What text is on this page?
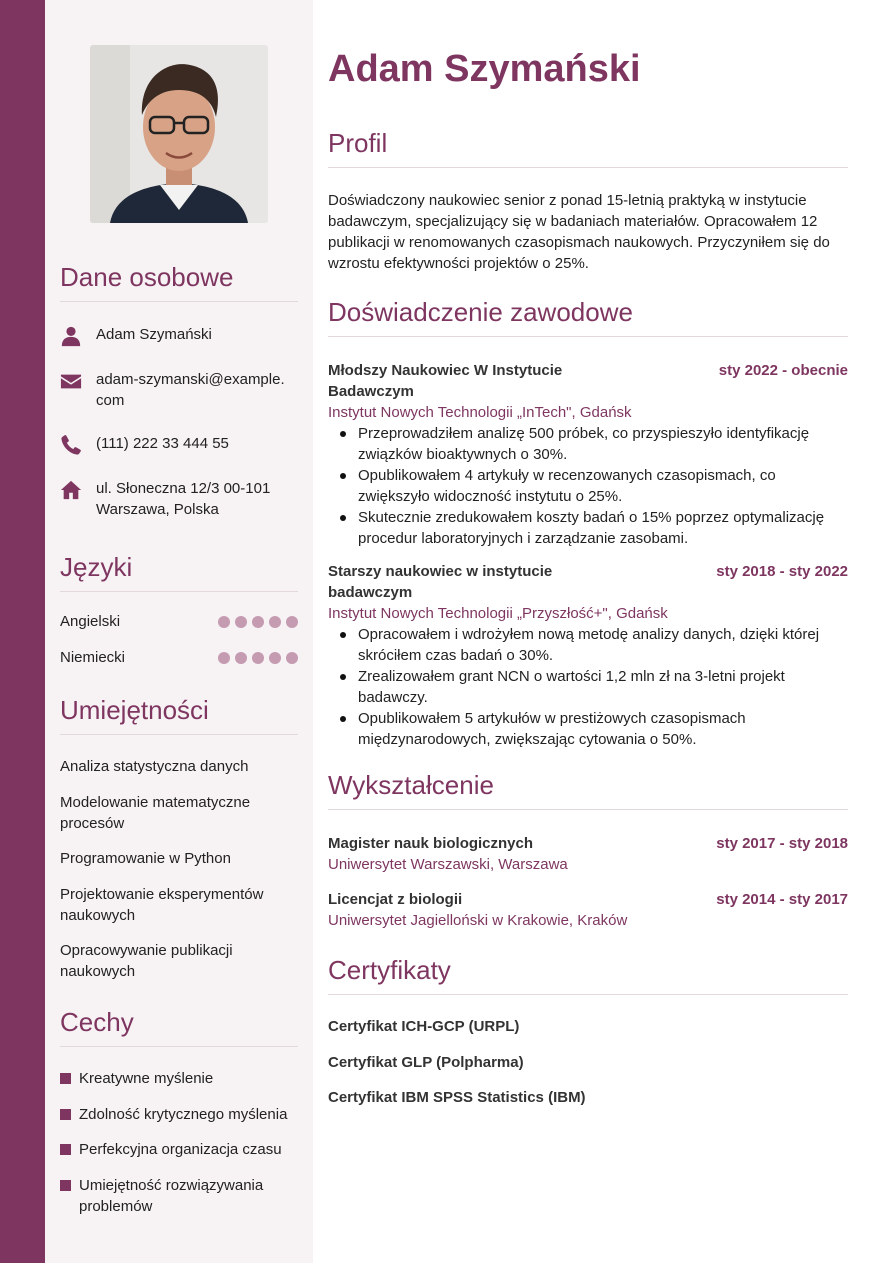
Dane osobowe
Adam Szymański
adam-szymanski@example.
com
(111) 222 33 444 55
ul. Słoneczna 12/3 00-101
Warszawa, Polska
Języki
Angielski
Niemiecki
Umiejętności
Analiza statystyczna danych
Modelowanie matematyczne
procesów
Programowanie w Python
Projektowanie eksperymentów
naukowych
Opracowywanie publikacji
naukowych
Cechy
Kreatywne myślenie
Zdolność krytycznego myślenia
Perfekcyjna organizacja czasu
Umiejętność rozwiązywania
problemów
Adam Szymański
Profil

Doświadczony naukowiec senior z ponad 15-letnią praktyką w instytucie badawczym, specjalizujący się w badaniach materiałów. Opracowałem 12 publikacji w renomowanych czasopismach naukowych. Przyczyniłem się do wzrostu efektywności projektów o 25%.

Doświadczenie zawodowe
Młodszy Naukowiec W Instytucie Badawczym
sty 2022 - obecnie
Instytut Nowych Technologii „InTech", Gdańsk
Przeprowadziłem analizę 500 próbek, co przyspieszyło identyfikację związków bioaktywnych o 30%.
Opublikowałem 4 artykuły w recenzowanych czasopismach, co zwiększyło widoczność instytutu o 25%.
Skutecznie zredukowałem koszty badań o 15% poprzez optymalizację procedur laboratoryjnych i zarządzanie zasobami.
Starszy naukowiec w instytucie badawczym
sty 2018 - sty 2022
Instytut Nowych Technologii „Przyszłość+", Gdańsk
Opracowałem i wdrożyłem nową metodę analizy danych, dzięki której skróciłem czas badań o 30%.
Zrealizowałem grant NCN o wartości 1,2 mln zł na 3-letni projekt badawczy.
Opublikowałem 5 artykułów w prestiżowych czasopismach międzynarodowych, zwiększając cytowania o 50%.
Wykształcenie
Magister nauk biologicznych	sty 2017 - sty 2018
Uniwersytet Warszawski, Warszawa
Licencjat z biologii	sty 2014 - sty 2017
Uniwersytet Jagielloński w Krakowie, Kraków
Certyfikaty
Certyfikat ICH-GCP (URPL)
Certyfikat GLP (Polpharma)
Certyfikat IBM SPSS Statistics (IBM)
